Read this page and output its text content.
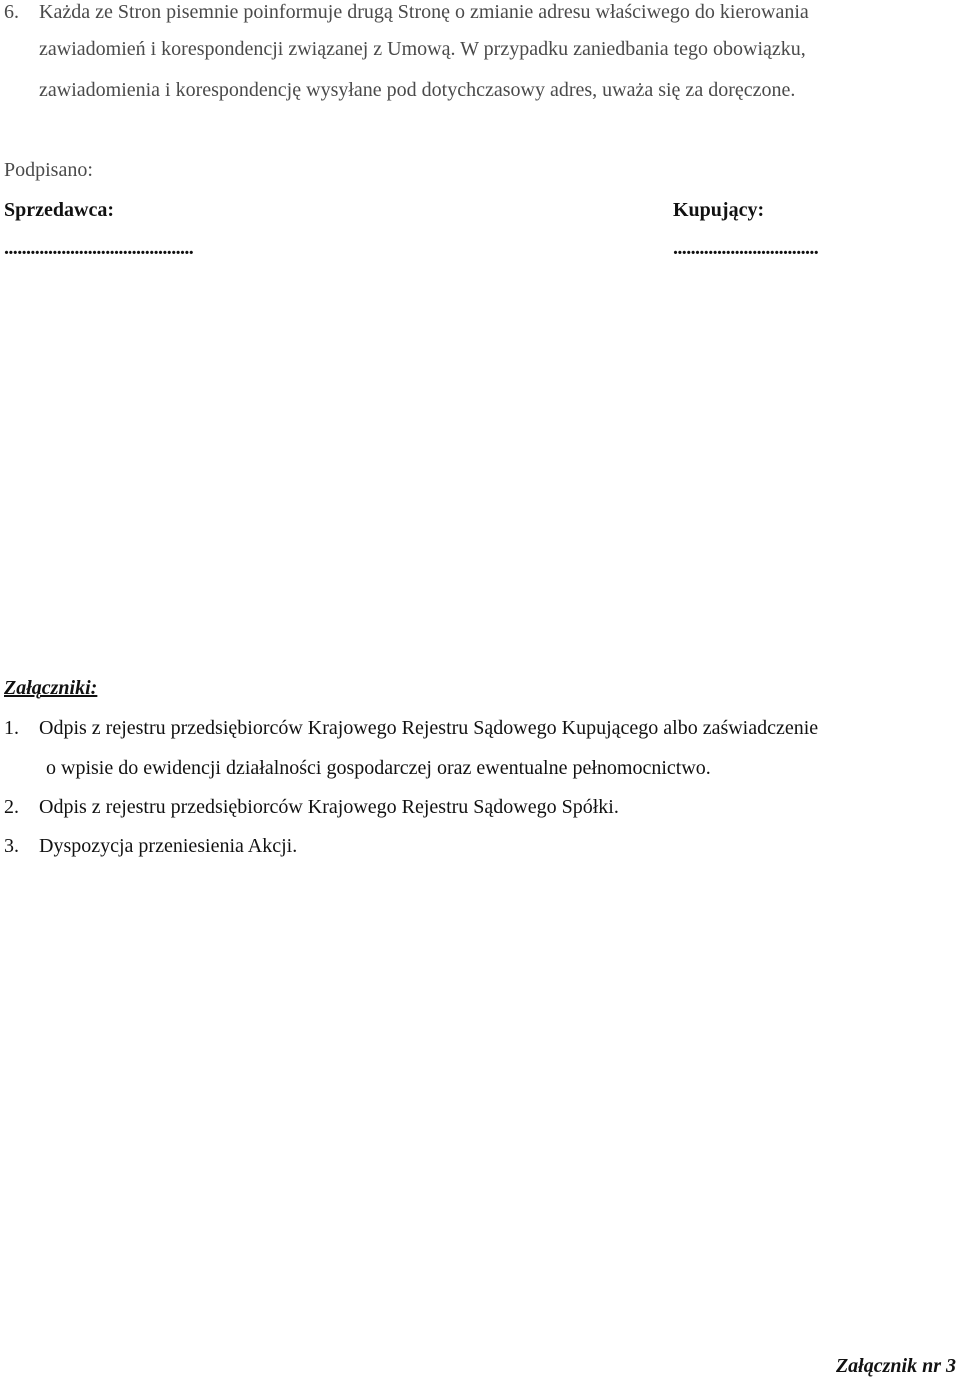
6. Każda ze Stron pisemnie poinformuje drugą Stronę o zmianie adresu właściwego do kierowania
zawiadomień i korespondencji związanej z Umową. W przypadku zaniedbania tego obowiązku,
zawiadomienia i korespondencję wysyłane pod dotychczasowy adres, uważa się za doręczone.
Podpisano:
Sprzedawca:	Kupujący:
...........................................	.................................
Załączniki:
1. Odpis z rejestru przedsiębiorców Krajowego Rejestru Sądowego Kupującego albo zaświadczenie
o wpisie do ewidencji działalności gospodarczej oraz ewentualne pełnomocnictwo.
2. Odpis z rejestru przedsiębiorców Krajowego Rejestru Sądowego Spółki.
3. Dyspozycja przeniesienia Akcji.
Załącznik nr 3
